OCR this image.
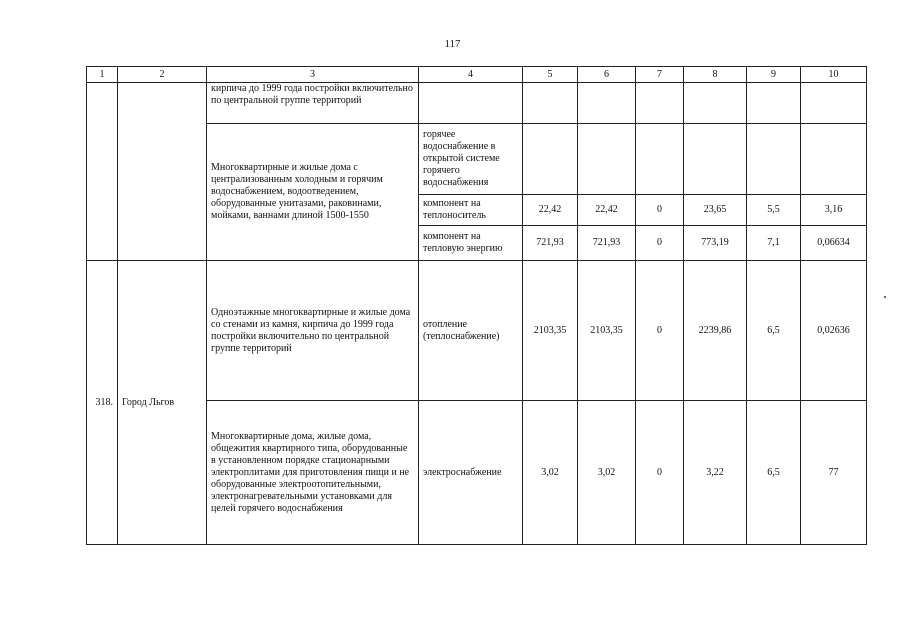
117
1	2	3	4	5	6	7	8	9	10
		кирпича до 1999 года постройки включительно по центральной группе территорий							
		Многоквартирные и жилые дома с централизованным холодным и горячим водоснабжением, водоотведением, оборудованные унитазами, раковинами, мойками, ваннами длиной 1500-1550	горячее водоснабжение в открытой системе горячего водоснабжения						
			компонент на теплоноситель	22,42	22,42	0	23,65	5,5	3,16
			компонент на тепловую энергию	721,93	721,93	0	773,19	7,1	0,06634
318.	Город Льгов	Одноэтажные многоквартирные и жилые дома со стенами из камня, кирпича до 1999 года постройки включительно по центральной группе территорий	отопление (теплоснабжение)	2103,35	2103,35	0	2239,86	6,5	0,02636
		Многоквартирные дома, жилые дома, общежития квартирного типа, оборудованные в установленном порядке стационарными электроплитами для приготовления пищи и не оборудованные электроотопительными, электронагревательными установками для целей горячего водоснабжения	электроснабжение	3,02	3,02	0	3,22	6,5	77
